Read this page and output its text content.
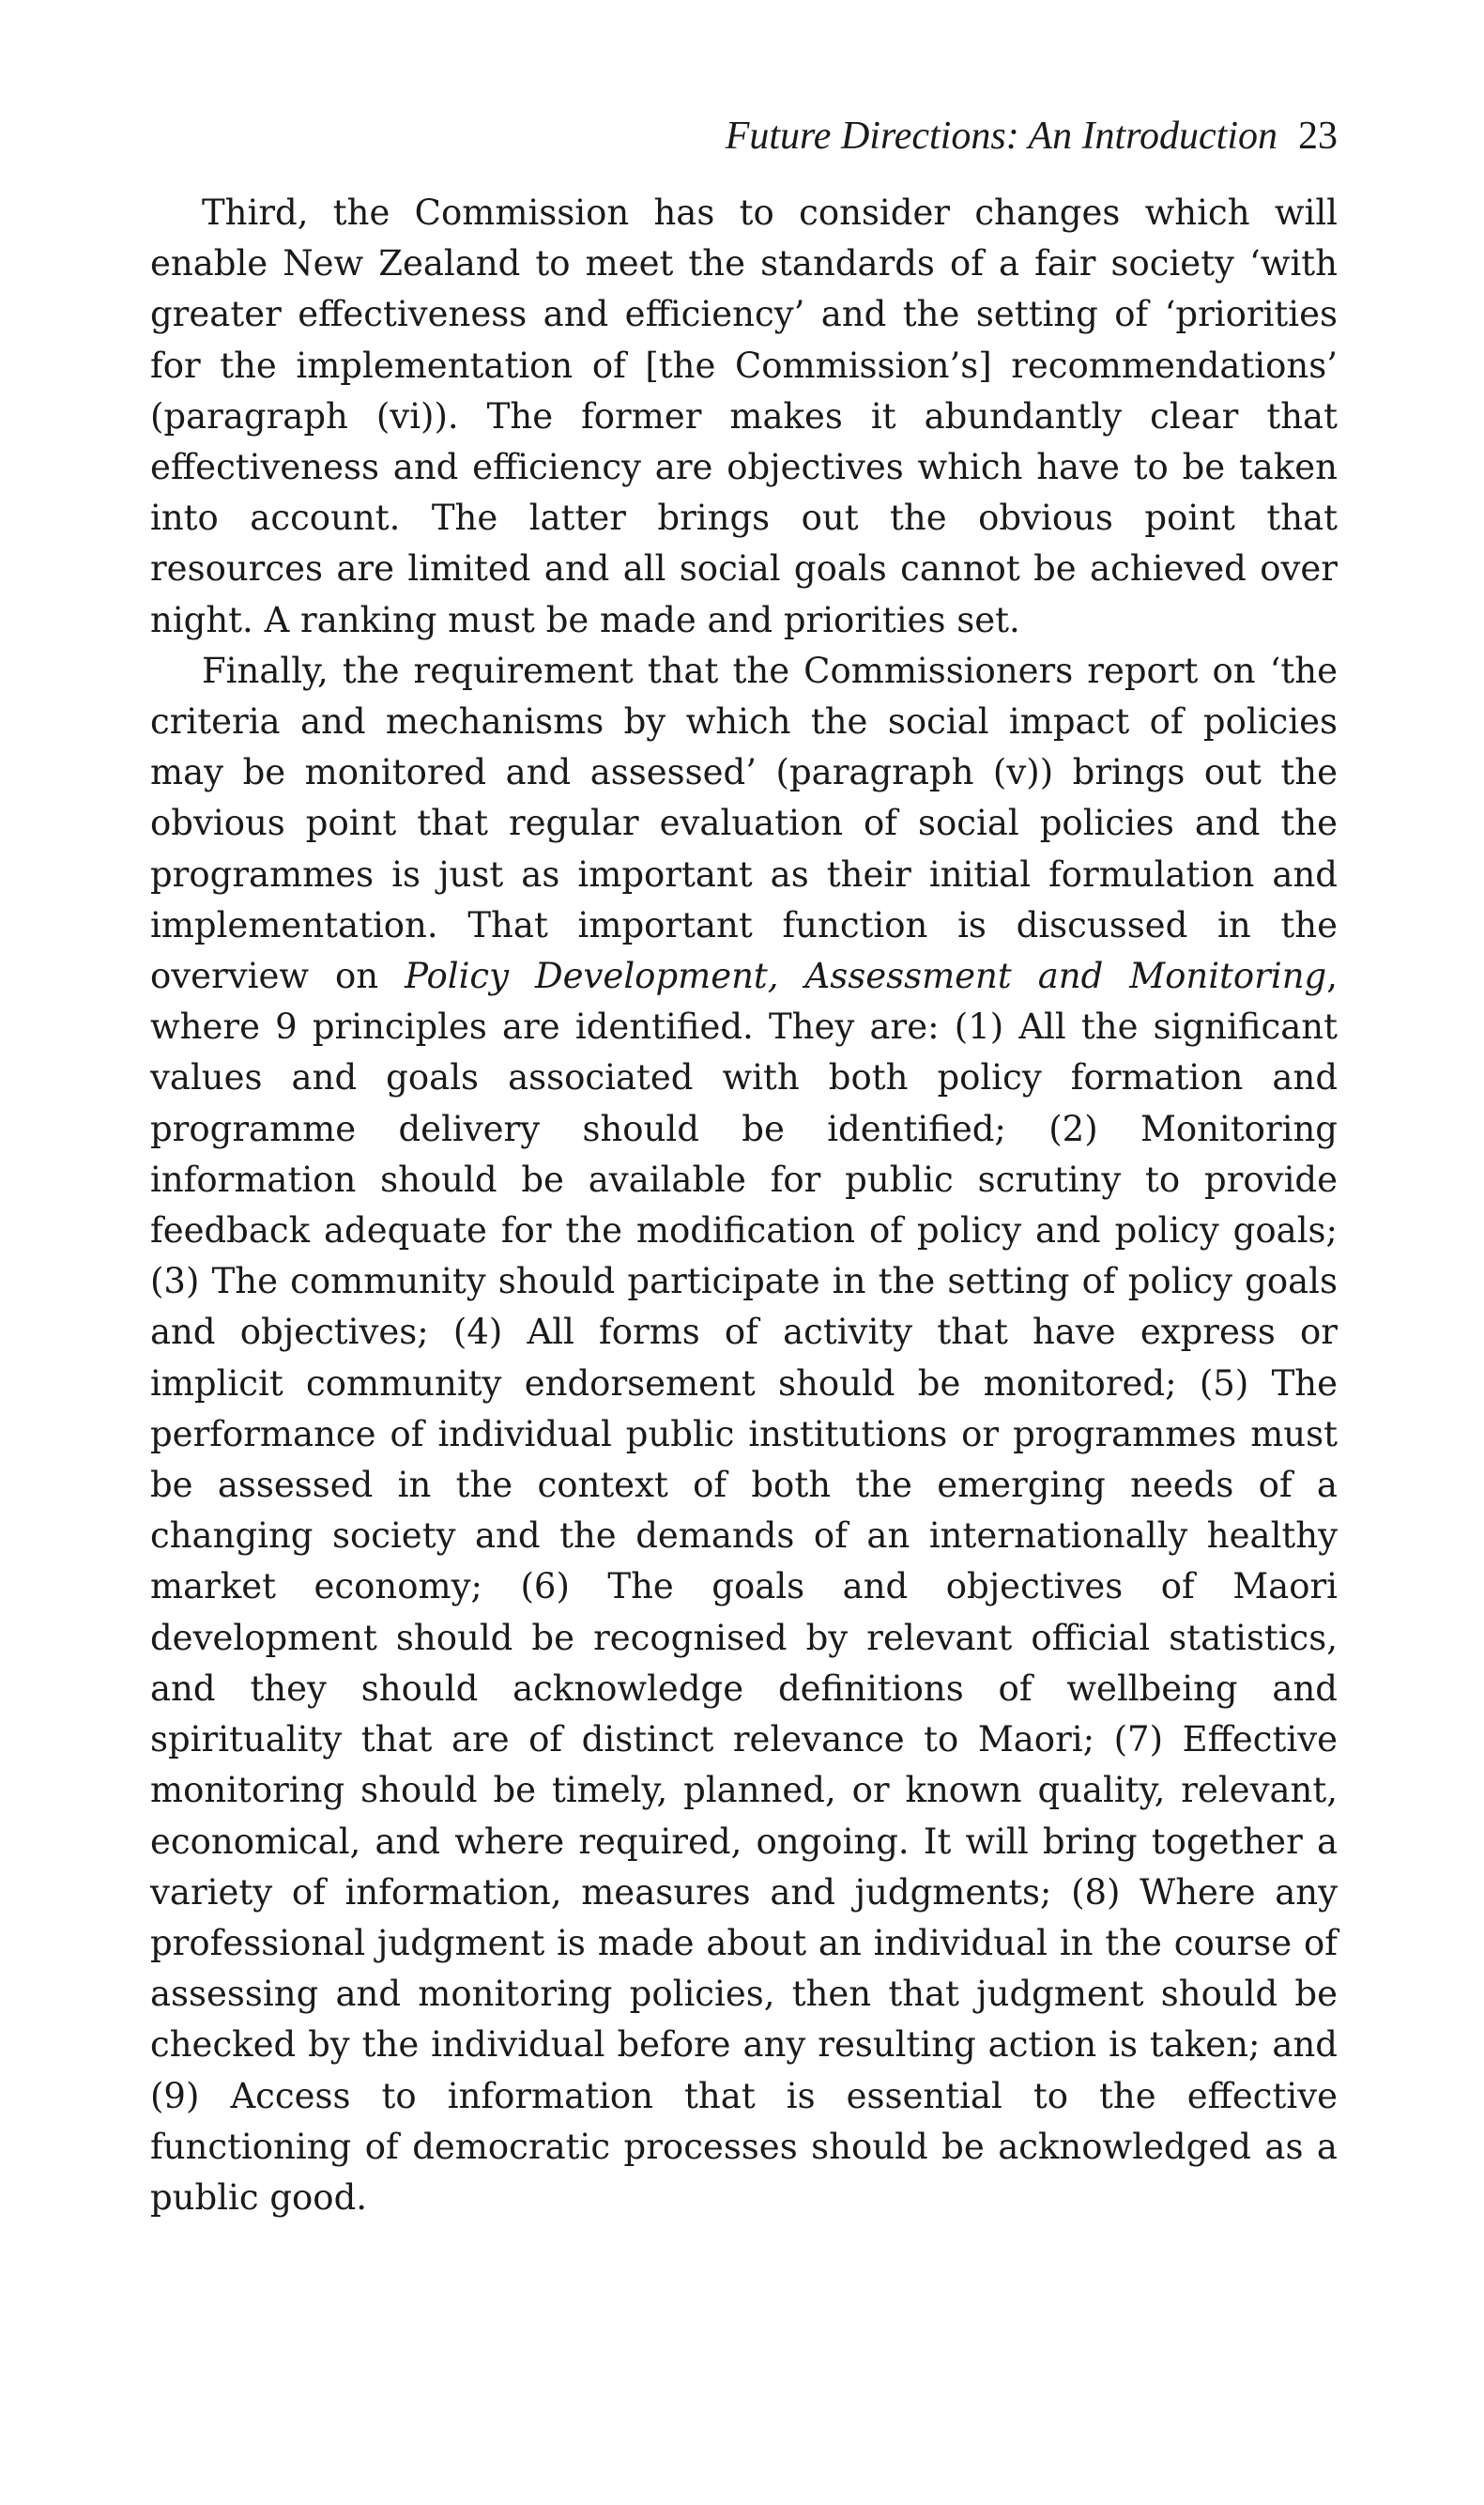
Future Directions: An Introduction 23

Third, the Commission has to consider changes which will enable New Zealand to meet the standards of a fair society ‘with greater effectiveness and efficiency’ and the setting of ‘priorities for the implementation of [the Commission’s] recommendations’ (paragraph (vi)). The former makes it abundantly clear that effectiveness and efficiency are objectives which have to be taken into account. The latter brings out the obvious point that resources are limited and all social goals cannot be achieved over night. A ranking must be made and priorities set.

Finally, the requirement that the Commissioners report on ‘the criteria and mechanisms by which the social impact of policies may be monitored and assessed’ (paragraph (v)) brings out the obvious point that regular evaluation of social policies and the programmes is just as important as their initial formulation and implementation. That important function is discussed in the overview on Policy Development, Assessment and Monitoring, where 9 principles are identified. They are: (1) All the significant values and goals associated with both policy formation and programme delivery should be identified; (2) Monitoring information should be available for public scrutiny to provide feedback adequate for the modification of policy and policy goals; (3) The community should participate in the setting of policy goals and objectives; (4) All forms of activity that have express or implicit community endorsement should be monitored; (5) The performance of individual public institutions or programmes must be assessed in the context of both the emerging needs of a changing society and the demands of an internationally healthy market economy; (6) The goals and objectives of Maori development should be recognised by relevant official statistics, and they should acknowledge definitions of wellbeing and spirituality that are of distinct relevance to Maori; (7) Effective monitoring should be timely, planned, or known quality, relevant, economical, and where required, ongoing. It will bring together a variety of information, measures and judgments; (8) Where any professional judgment is made about an individual in the course of assessing and monitoring policies, then that judgment should be checked by the individual before any resulting action is taken; and (9) Access to information that is essential to the effective functioning of democratic processes should be acknowledged as a public good.
